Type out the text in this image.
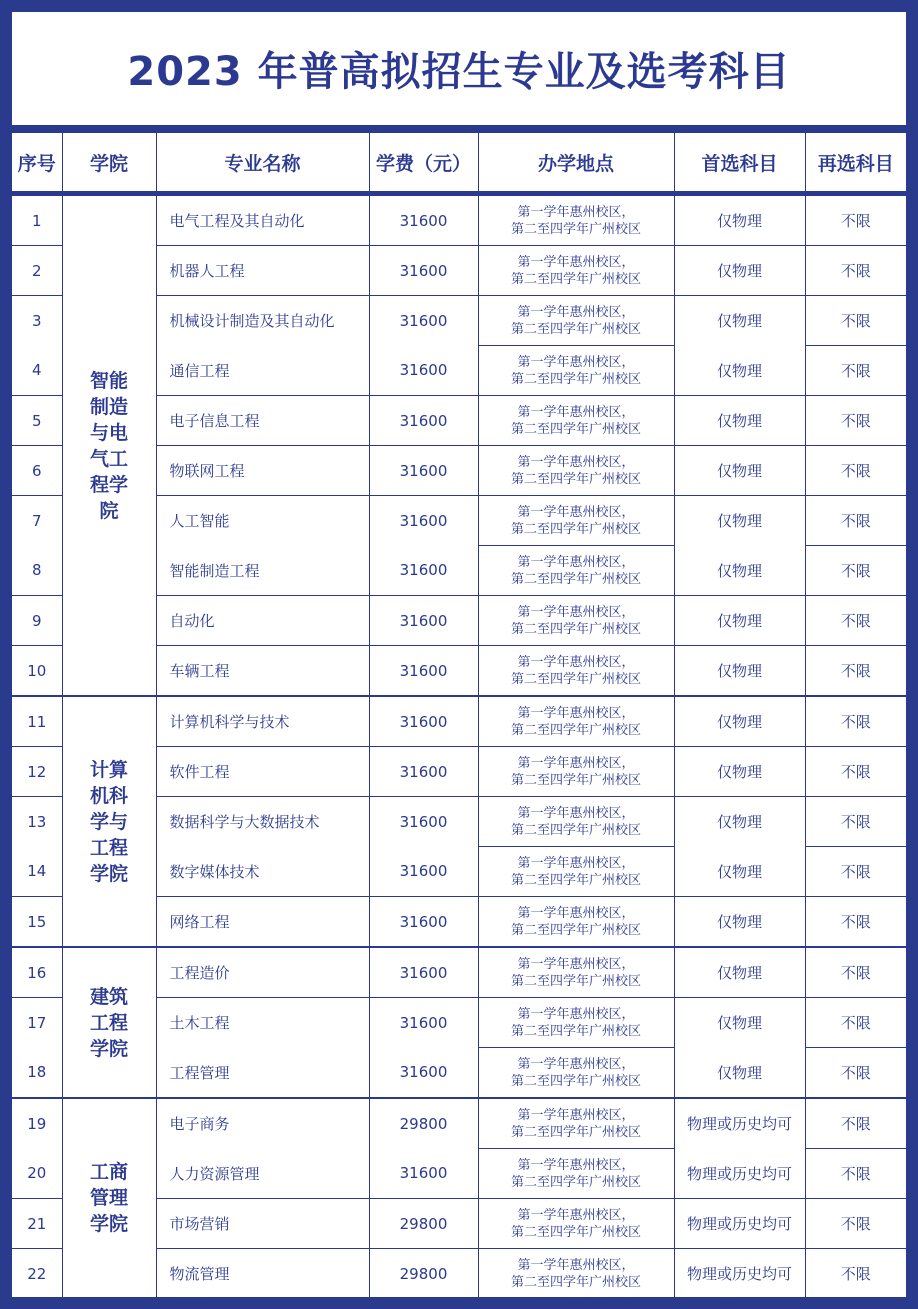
2023 年普高拟招生专业及选考科目
序号	学院	专业名称	学费（元）	办学地点	首选科目	再选科目
1	智能制造与电气工程学院	电气工程及其自动化	31600	第一学年惠州校区，
第二至四学年广州校区	仅物理	不限
2		机器人工程	31600	第一学年惠州校区，
第二至四学年广州校区	仅物理	不限
3		机械设计制造及其自动化	31600	第一学年惠州校区，
第二至四学年广州校区	仅物理	不限
4		通信工程	31600	第一学年惠州校区，
第二至四学年广州校区	仅物理	不限
5		电子信息工程	31600	第一学年惠州校区，
第二至四学年广州校区	仅物理	不限
6		物联网工程	31600	第一学年惠州校区，
第二至四学年广州校区	仅物理	不限
7		人工智能	31600	第一学年惠州校区，
第二至四学年广州校区	仅物理	不限
8		智能制造工程	31600	第一学年惠州校区，
第二至四学年广州校区	仅物理	不限
9		自动化	31600	第一学年惠州校区，
第二至四学年广州校区	仅物理	不限
10		车辆工程	31600	第一学年惠州校区，
第二至四学年广州校区	仅物理	不限
11	计算机科学与工程学院	计算机科学与技术	31600	第一学年惠州校区，
第二至四学年广州校区	仅物理	不限
12		软件工程	31600	第一学年惠州校区，
第二至四学年广州校区	仅物理	不限
13		数据科学与大数据技术	31600	第一学年惠州校区，
第二至四学年广州校区	仅物理	不限
14		数字媒体技术	31600	第一学年惠州校区，
第二至四学年广州校区	仅物理	不限
15		网络工程	31600	第一学年惠州校区，
第二至四学年广州校区	仅物理	不限
16	建筑工程学院	工程造价	31600	第一学年惠州校区，
第二至四学年广州校区	仅物理	不限
17		土木工程	31600	第一学年惠州校区，
第二至四学年广州校区	仅物理	不限
18		工程管理	31600	第一学年惠州校区，
第二至四学年广州校区	仅物理	不限
19	工商管理学院	电子商务	29800	第一学年惠州校区，
第二至四学年广州校区	物理或历史均可	不限
20		人力资源管理	31600	第一学年惠州校区，
第二至四学年广州校区	物理或历史均可	不限
21		市场营销	29800	第一学年惠州校区，
第二至四学年广州校区	物理或历史均可	不限
22		物流管理	29800	第一学年惠州校区，
第二至四学年广州校区	物理或历史均可	不限
